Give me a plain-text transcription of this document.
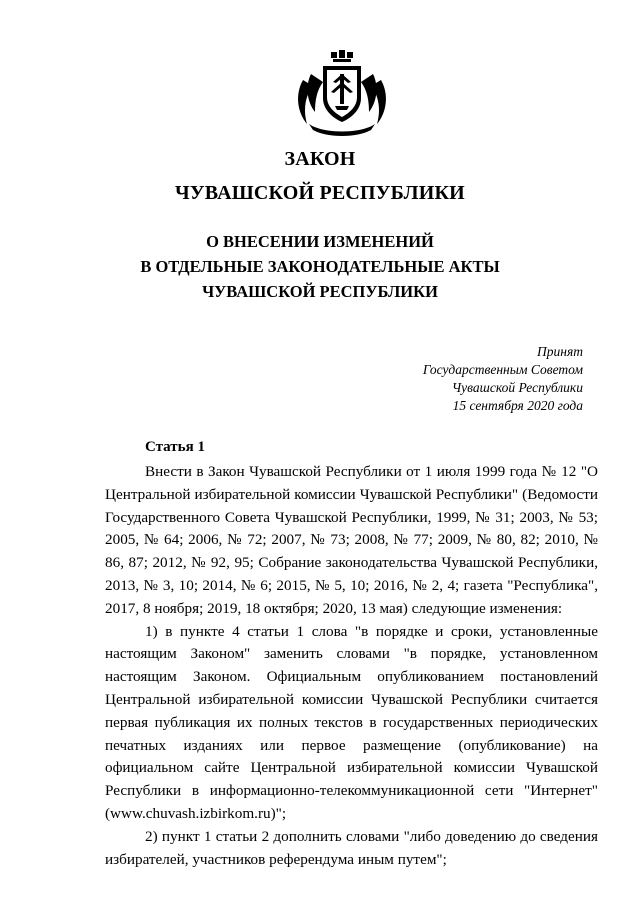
ЗАКОН
ЧУВАШСКОЙ РЕСПУБЛИКИ
О ВНЕСЕНИИ ИЗМЕНЕНИЙ
В ОТДЕЛЬНЫЕ ЗАКОНОДАТЕЛЬНЫЕ АКТЫ
ЧУВАШСКОЙ РЕСПУБЛИКИ
Принят
Государственным Советом
Чувашской Республики
15 сентября 2020 года
Статья 1

Внести в Закон Чувашской Республики от 1 июля 1999 года № 12 "О Центральной избирательной комиссии Чувашской Республики" (Ведомости Государственного Совета Чувашской Республики, 1999, № 31; 2003, № 53; 2005, № 64; 2006, № 72; 2007, № 73; 2008, № 77; 2009, № 80, 82; 2010, № 86, 87; 2012, № 92, 95; Собрание законодательства Чувашской Республики, 2013, № 3, 10; 2014, № 6; 2015, № 5, 10; 2016, № 2, 4; газета "Республика", 2017, 8 ноября; 2019, 18 октября; 2020, 13 мая) следующие изменения:

1) в пункте 4 статьи 1 слова "в порядке и сроки, установленные настоящим Законом" заменить словами "в порядке, установленном настоящим Законом. Официальным опубликованием постановлений Центральной избирательной комиссии Чувашской Республики считается первая публикация их полных текстов в государственных периодических печатных изданиях или первое размещение (опубликование) на официальном сайте Центральной избирательной комиссии Чувашской Республики в информационно-телекоммуникационной сети "Интернет" (www.chuvash.izbirkom.ru)";

2) пункт 1 статьи 2 дополнить словами "либо доведению до сведения избирателей, участников референдума иным путем";
